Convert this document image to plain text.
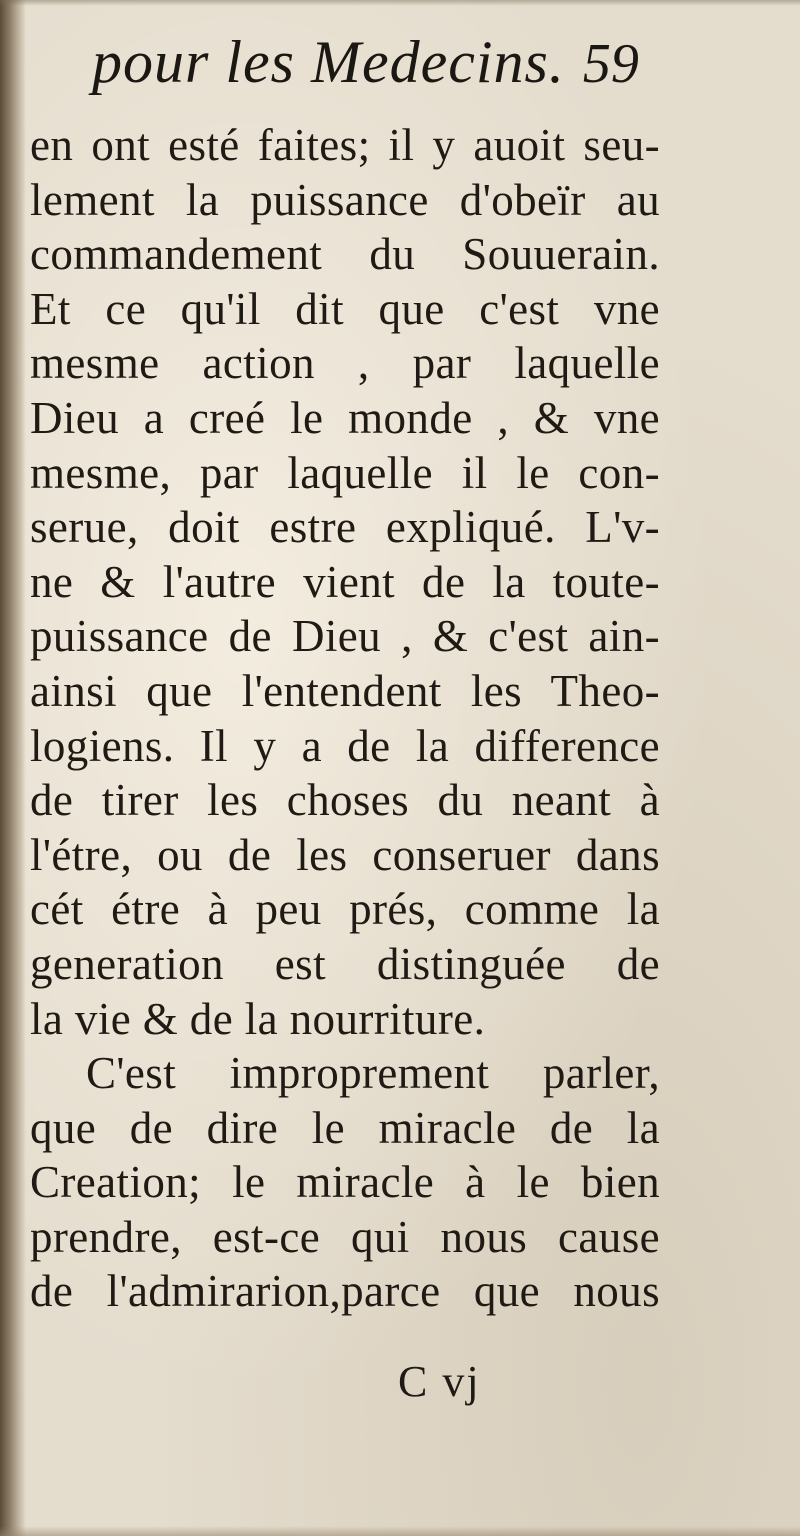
pour les Medecins. 59
en ont esté faites; il y auoit seu-
lement la puissance d'obeïr au
commandement du Souuerain.
Et ce qu'il dit que c'est vne
mesme action , par laquelle
Dieu a creé le monde , & vne
mesme, par laquelle il le con-
serue, doit estre expliqué. L'v-
ne & l'autre vient de la toute-
puissance de Dieu , & c'est ain-
ainsi que l'entendent les Theo-
logiens. Il y a de la difference
de tirer les choses du neant à
l'étre, ou de les conseruer dans
cét étre à peu prés, comme la
generation est distinguée de
la vie & de la nourriture.
C'est improprement parler,
que de dire le miracle de la
Creation; le miracle à le bien
prendre, est-ce qui nous cause
de l'admirarion,parce que nous
C vj
